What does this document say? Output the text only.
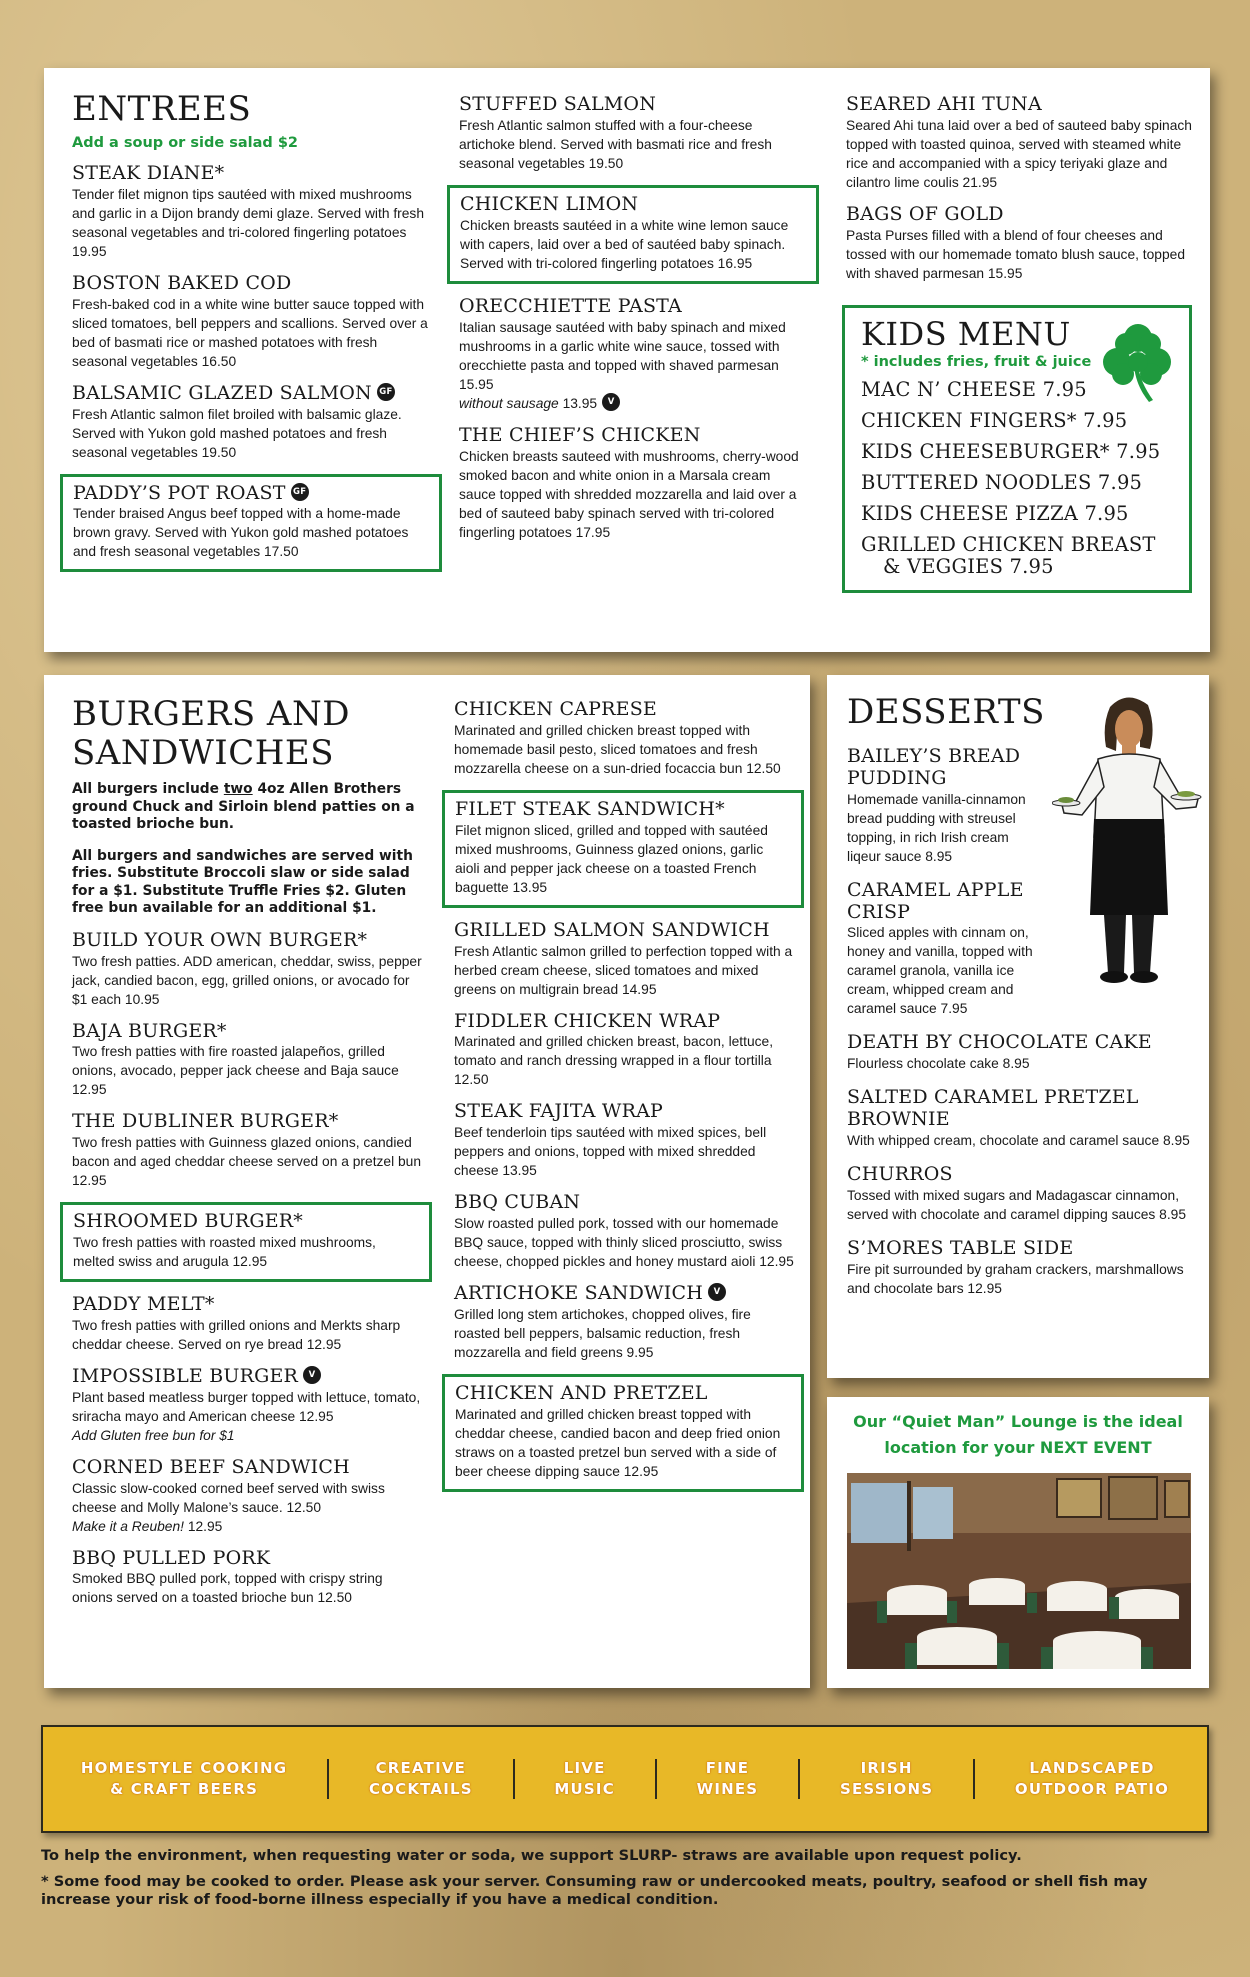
ENTREES
Add a soup or side salad $2
STEAK DIANE*
Tender filet mignon tips sautéed with mixed mushrooms and garlic in a Dijon brandy demi glaze. Served with fresh seasonal vegetables and tri-colored fingerling potatoes 19.95
BOSTON BAKED COD
Fresh-baked cod in a white wine butter sauce topped with sliced tomatoes, bell peppers and scallions. Served over a bed of basmati rice or mashed potatoes with fresh seasonal vegetables 16.50
BALSAMIC GLAZED SALMON GF
Fresh Atlantic salmon filet broiled with balsamic glaze. Served with Yukon gold mashed potatoes and fresh seasonal vegetables 19.50
PADDY’S POT ROAST GF
Tender braised Angus beef topped with a home-made brown gravy. Served with Yukon gold mashed potatoes and fresh seasonal vegetables 17.50
STUFFED SALMON
Fresh Atlantic salmon stuffed with a four-cheese artichoke blend. Served with basmati rice and fresh seasonal vegetables 19.50
CHICKEN LIMON
Chicken breasts sautéed in a white wine lemon sauce with capers, laid over a bed of sautéed baby spinach. Served with tri-colored fingerling potatoes 16.95
ORECCHIETTE PASTA
Italian sausage sautéed with baby spinach and mixed mushrooms in a garlic white wine sauce, tossed with orecchiette pasta and topped with shaved parmesan 15.95
without sausage 13.95 V
THE CHIEF’S CHICKEN
Chicken breasts sauteed with mushrooms, cherry-wood smoked bacon and white onion in a Marsala cream sauce topped with shredded mozzarella and laid over a bed of sauteed baby spinach served with tri-colored fingerling potatoes 17.95
SEARED AHI TUNA
Seared Ahi tuna laid over a bed of sauteed baby spinach topped with toasted quinoa, served with steamed white rice and accompanied with a spicy teriyaki glaze and cilantro lime coulis 21.95
BAGS OF GOLD
Pasta Purses filled with a blend of four cheeses and tossed with our homemade tomato blush sauce, topped with shaved parmesan 15.95
KIDS MENU
* includes fries, fruit & juice
MAC N’ CHEESE 7.95
CHICKEN FINGERS* 7.95
KIDS CHEESEBURGER* 7.95
BUTTERED NOODLES 7.95
KIDS CHEESE PIZZA 7.95
GRILLED CHICKEN BREAST
& VEGGIES 7.95
BURGERS AND
SANDWICHES
All burgers include two 4oz Allen Brothers ground Chuck and Sirloin blend patties on a toasted brioche bun.
All burgers and sandwiches are served with fries. Substitute Broccoli slaw or side salad for a $1. Substitute Truffle Fries $2. Gluten free bun available for an additional $1.
BUILD YOUR OWN BURGER*
Two fresh patties. ADD american, cheddar, swiss, pepper jack, candied bacon, egg, grilled onions, or avocado for $1 each 10.95
BAJA BURGER*
Two fresh patties with fire roasted jalapeños, grilled onions, avocado, pepper jack cheese and Baja sauce 12.95
THE DUBLINER BURGER*
Two fresh patties with Guinness glazed onions, candied bacon and aged cheddar cheese served on a pretzel bun 12.95
SHROOMED BURGER*
Two fresh patties with roasted mixed mushrooms, melted swiss and arugula 12.95
PADDY MELT*
Two fresh patties with grilled onions and Merkts sharp cheddar cheese. Served on rye bread 12.95
IMPOSSIBLE BURGER V
Plant based meatless burger topped with lettuce, tomato, sriracha mayo and American cheese 12.95
Add Gluten free bun for $1
CORNED BEEF SANDWICH
Classic slow-cooked corned beef served with swiss cheese and Molly Malone’s sauce. 12.50
Make it a Reuben! 12.95
BBQ PULLED PORK
Smoked BBQ pulled pork, topped with crispy string onions served on a toasted brioche bun 12.50
CHICKEN CAPRESE
Marinated and grilled chicken breast topped with homemade basil pesto, sliced tomatoes and fresh mozzarella cheese on a sun-dried focaccia bun 12.50
FILET STEAK SANDWICH*
Filet mignon sliced, grilled and topped with sautéed mixed mushrooms, Guinness glazed onions, garlic aioli and pepper jack cheese on a toasted French baguette 13.95
GRILLED SALMON SANDWICH
Fresh Atlantic salmon grilled to perfection topped with a herbed cream cheese, sliced tomatoes and mixed greens on multigrain bread 14.95
FIDDLER CHICKEN WRAP
Marinated and grilled chicken breast, bacon, lettuce, tomato and ranch dressing wrapped in a flour tortilla 12.50
STEAK FAJITA WRAP
Beef tenderloin tips sautéed with mixed spices, bell peppers and onions, topped with mixed shredded cheese 13.95
BBQ CUBAN
Slow roasted pulled pork, tossed with our homemade BBQ sauce, topped with thinly sliced prosciutto, swiss cheese, chopped pickles and honey mustard aioli 12.95
ARTICHOKE SANDWICH V
Grilled long stem artichokes, chopped olives, fire roasted bell peppers, balsamic reduction, fresh mozzarella and field greens 9.95
CHICKEN AND PRETZEL
Marinated and grilled chicken breast topped with cheddar cheese, candied bacon and deep fried onion straws on a toasted pretzel bun served with a side of beer cheese dipping sauce 12.95
DESSERTS
BAILEY’S BREAD PUDDING
Homemade vanilla-cinnamon bread pudding with streusel topping, in rich Irish cream liqeur sauce 8.95
CARAMEL APPLE CRISP
Sliced apples with cinnam on, honey and vanilla, topped with caramel granola, vanilla ice cream, whipped cream and caramel sauce 7.95
DEATH BY CHOCOLATE CAKE
Flourless chocolate cake 8.95
SALTED CARAMEL PRETZEL BROWNIE
With whipped cream, chocolate and caramel sauce 8.95
CHURROS
Tossed with mixed sugars and Madagascar cinnamon, served with chocolate and caramel dipping sauces 8.95
S’MORES TABLE SIDE
Fire pit surrounded by graham crackers, marshmallows and chocolate bars 12.95
Our “Quiet Man” Lounge is the ideal
location for your NEXT EVENT
HOMESTYLE COOKING
& CRAFT BEERS
CREATIVE
COCKTAILS
LIVE
MUSIC
FINE
WINES
IRISH
SESSIONS
LANDSCAPED
OUTDOOR PATIO
To help the environment, when requesting water or soda, we support SLURP- straws are available upon request policy.
* Some food may be cooked to order. Please ask your server. Consuming raw or undercooked meats, poultry, seafood or shell fish may increase your risk of food-borne illness especially if you have a medical condition.
